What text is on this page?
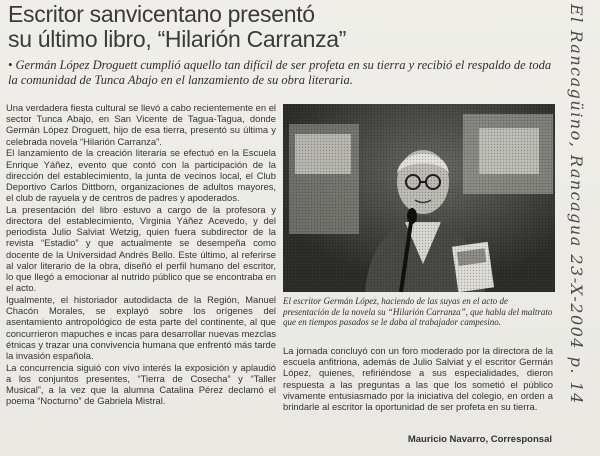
Escritor sanvicentano presentó
su último libro, “Hilarión Carranza”

• Germán López Droguett cumplió aquello tan difícil de ser profeta en su tierra y recibió el respaldo de toda la comunidad de Tunca Abajo en el lanzamiento de su obra literaria.

Una verdadera fiesta cultural se llevó a cabo recientemente en el sector Tunca Abajo, en San Vicente de Tagua-Tagua, donde Germán López Droguett, hijo de esa tierra, presentó su última y celebrada novela “Hilarión Carranza”.

El lanzamiento de la creación literaria se efectuó en la Escuela Enrique Yáñez, evento que contó con la participación de la dirección del establecimiento, la junta de vecinos local, el Club Deportivo Carlos Dittborn, organizaciones de adultos mayores, el club de rayuela y de centros de padres y apoderados.

La presentación del libro estuvo a cargo de la profesora y directora del establecimiento, Virginia Yáñez Acevedo, y del periodista Julio Salviat Wetzig, quien fuera subdirector de la revista “Estadio” y que actualmente se desempeña como docente de la Universidad Andrés Bello. Este último, al referirse al valor literario de la obra, diseñó el perfil humano del escritor, lo que llegó a emocionar al nutrido público que se encontraba en el acto.

Igualmente, el historiador autodidacta de la Región, Manuel Chacón Morales, se explayó sobre los orígenes del asentamiento antropológico de esta parte del continente, al que concurrieron mapuches e incas para desarrollar nuevas mezclas étnicas y trazar una convivencia humana que enfrentó más tarde la invasión española.

La concurrencia siguió con vivo interés la exposición y aplaudió a los conjuntos presentes, “Tierra de Cosecha” y “Taller Musical”, a la vez que la alumna Catalina Pérez declamó el poema “Nocturno” de Gabriela Mistral.

El escritor Germán López, haciendo de las suyas en el acto de presentación de la novela su “Hilarión Carranza”, que habla del maltrato que en tiempos pasados se le daba al trabajador campesino.

La jornada concluyó con un foro moderado por la directora de la escuela anfitriona, además de Julio Salviat y el escritor Germán López, quienes, refiriéndose a sus especialidades, dieron respuesta a las preguntas a las que los sometió el público vivamente entusiasmado por la iniciativa del colegio, en orden a brindarle al escritor la oportunidad de ser profeta en su tierra.

Mauricio Navarro, Corresponsal
El Rancagüino, Rancagua 23-X-2004 p. 14
